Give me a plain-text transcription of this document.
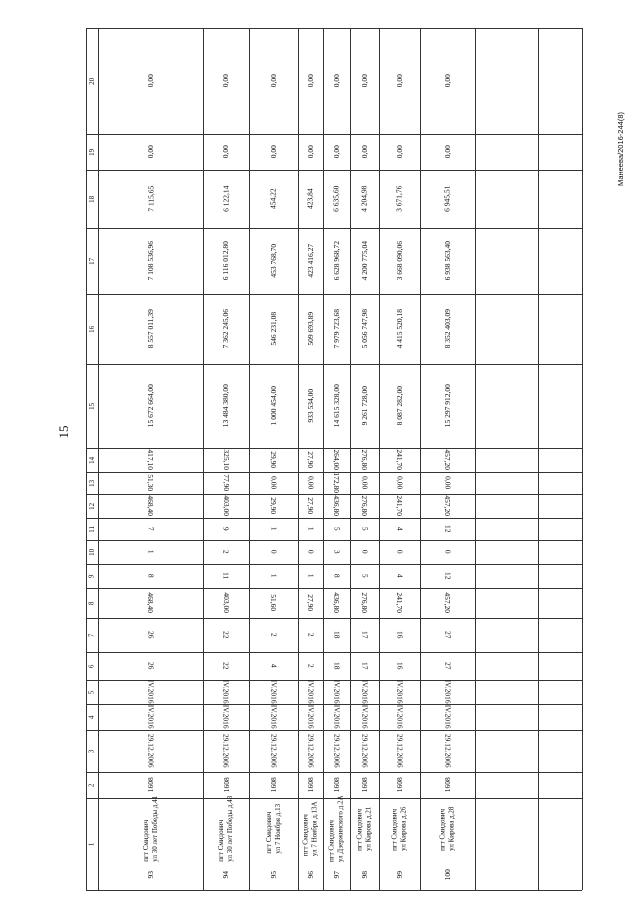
15
Манеева/2016-244(8)
1
2
3
4
5
6
7
8
9
10
11
12
13
14
15
16
17
18
19
20
пгт Смидович
ул 30 лет Победы д.41
93
1608
29.12.2006
IV.2016
IV.2016
26
26
468,40
8
1
7
468,40
51,30
417,10
15 672 664,00
8 557 011,39
7 108 536,96
7 115,65
0,00
0,00
пгт Смидович
ул 30 лет Победы д.43
94
1608
29.12.2006
IV.2016
IV.2016
22
22
403,00
11
2
9
403,00
77,90
325,10
13 484 380,00
7 362 245,06
6 116 012,80
6 122,14
0,00
0,00
пгт Смидович
ул 7 Ноября д.13
95
1608
29.12.2006
IV.2016
IV.2016
4
2
51,60
1
0
1
29,90
0,00
29,90
1 000 454,00
546 231,08
453 768,70
454,22
0,00
0,00
пгт Смидович
ул 7 Ноября д.13А
96
1608
29.12.2006
IV.2016
IV.2016
2
2
27,90
1
0
1
27,90
0,00
27,90
933 534,00
509 693,89
423 416,27
423,84
0,00
0,00
пгт Смидович
ул Дзержинского д.2А
97
1608
29.12.2006
IV.2016
IV.2016
18
18
436,80
8
3
5
436,80
172,80
264,00
14 615 328,00
7 979 723,68
6 628 968,72
6 635,60
0,00
0,00
пгт Смидович
ул Кирова д.21
98
1608
29.12.2006
IV.2016
IV.2016
17
17
276,80
5
0
5
276,80
0,00
276,80
9 261 728,00
5 056 747,98
4 200 775,04
4 204,98
0,00
0,00
пгт Смидович
ул Кирова д.26
99
1608
29.12.2006
IV.2016
IV.2016
16
16
241,70
4
0
4
241,70
0,00
241,70
8 087 282,00
4 415 520,18
3 668 090,06
3 671,76
0,00
0,00
пгт Смидович
ул Кирова д.28
100
1608
29.12.2006
IV.2016
IV.2016
27
27
457,20
12
0
12
457,20
0,00
457,20
15 297 912,00
8 352 403,09
6 938 563,40
6 945,51
0,00
0,00
